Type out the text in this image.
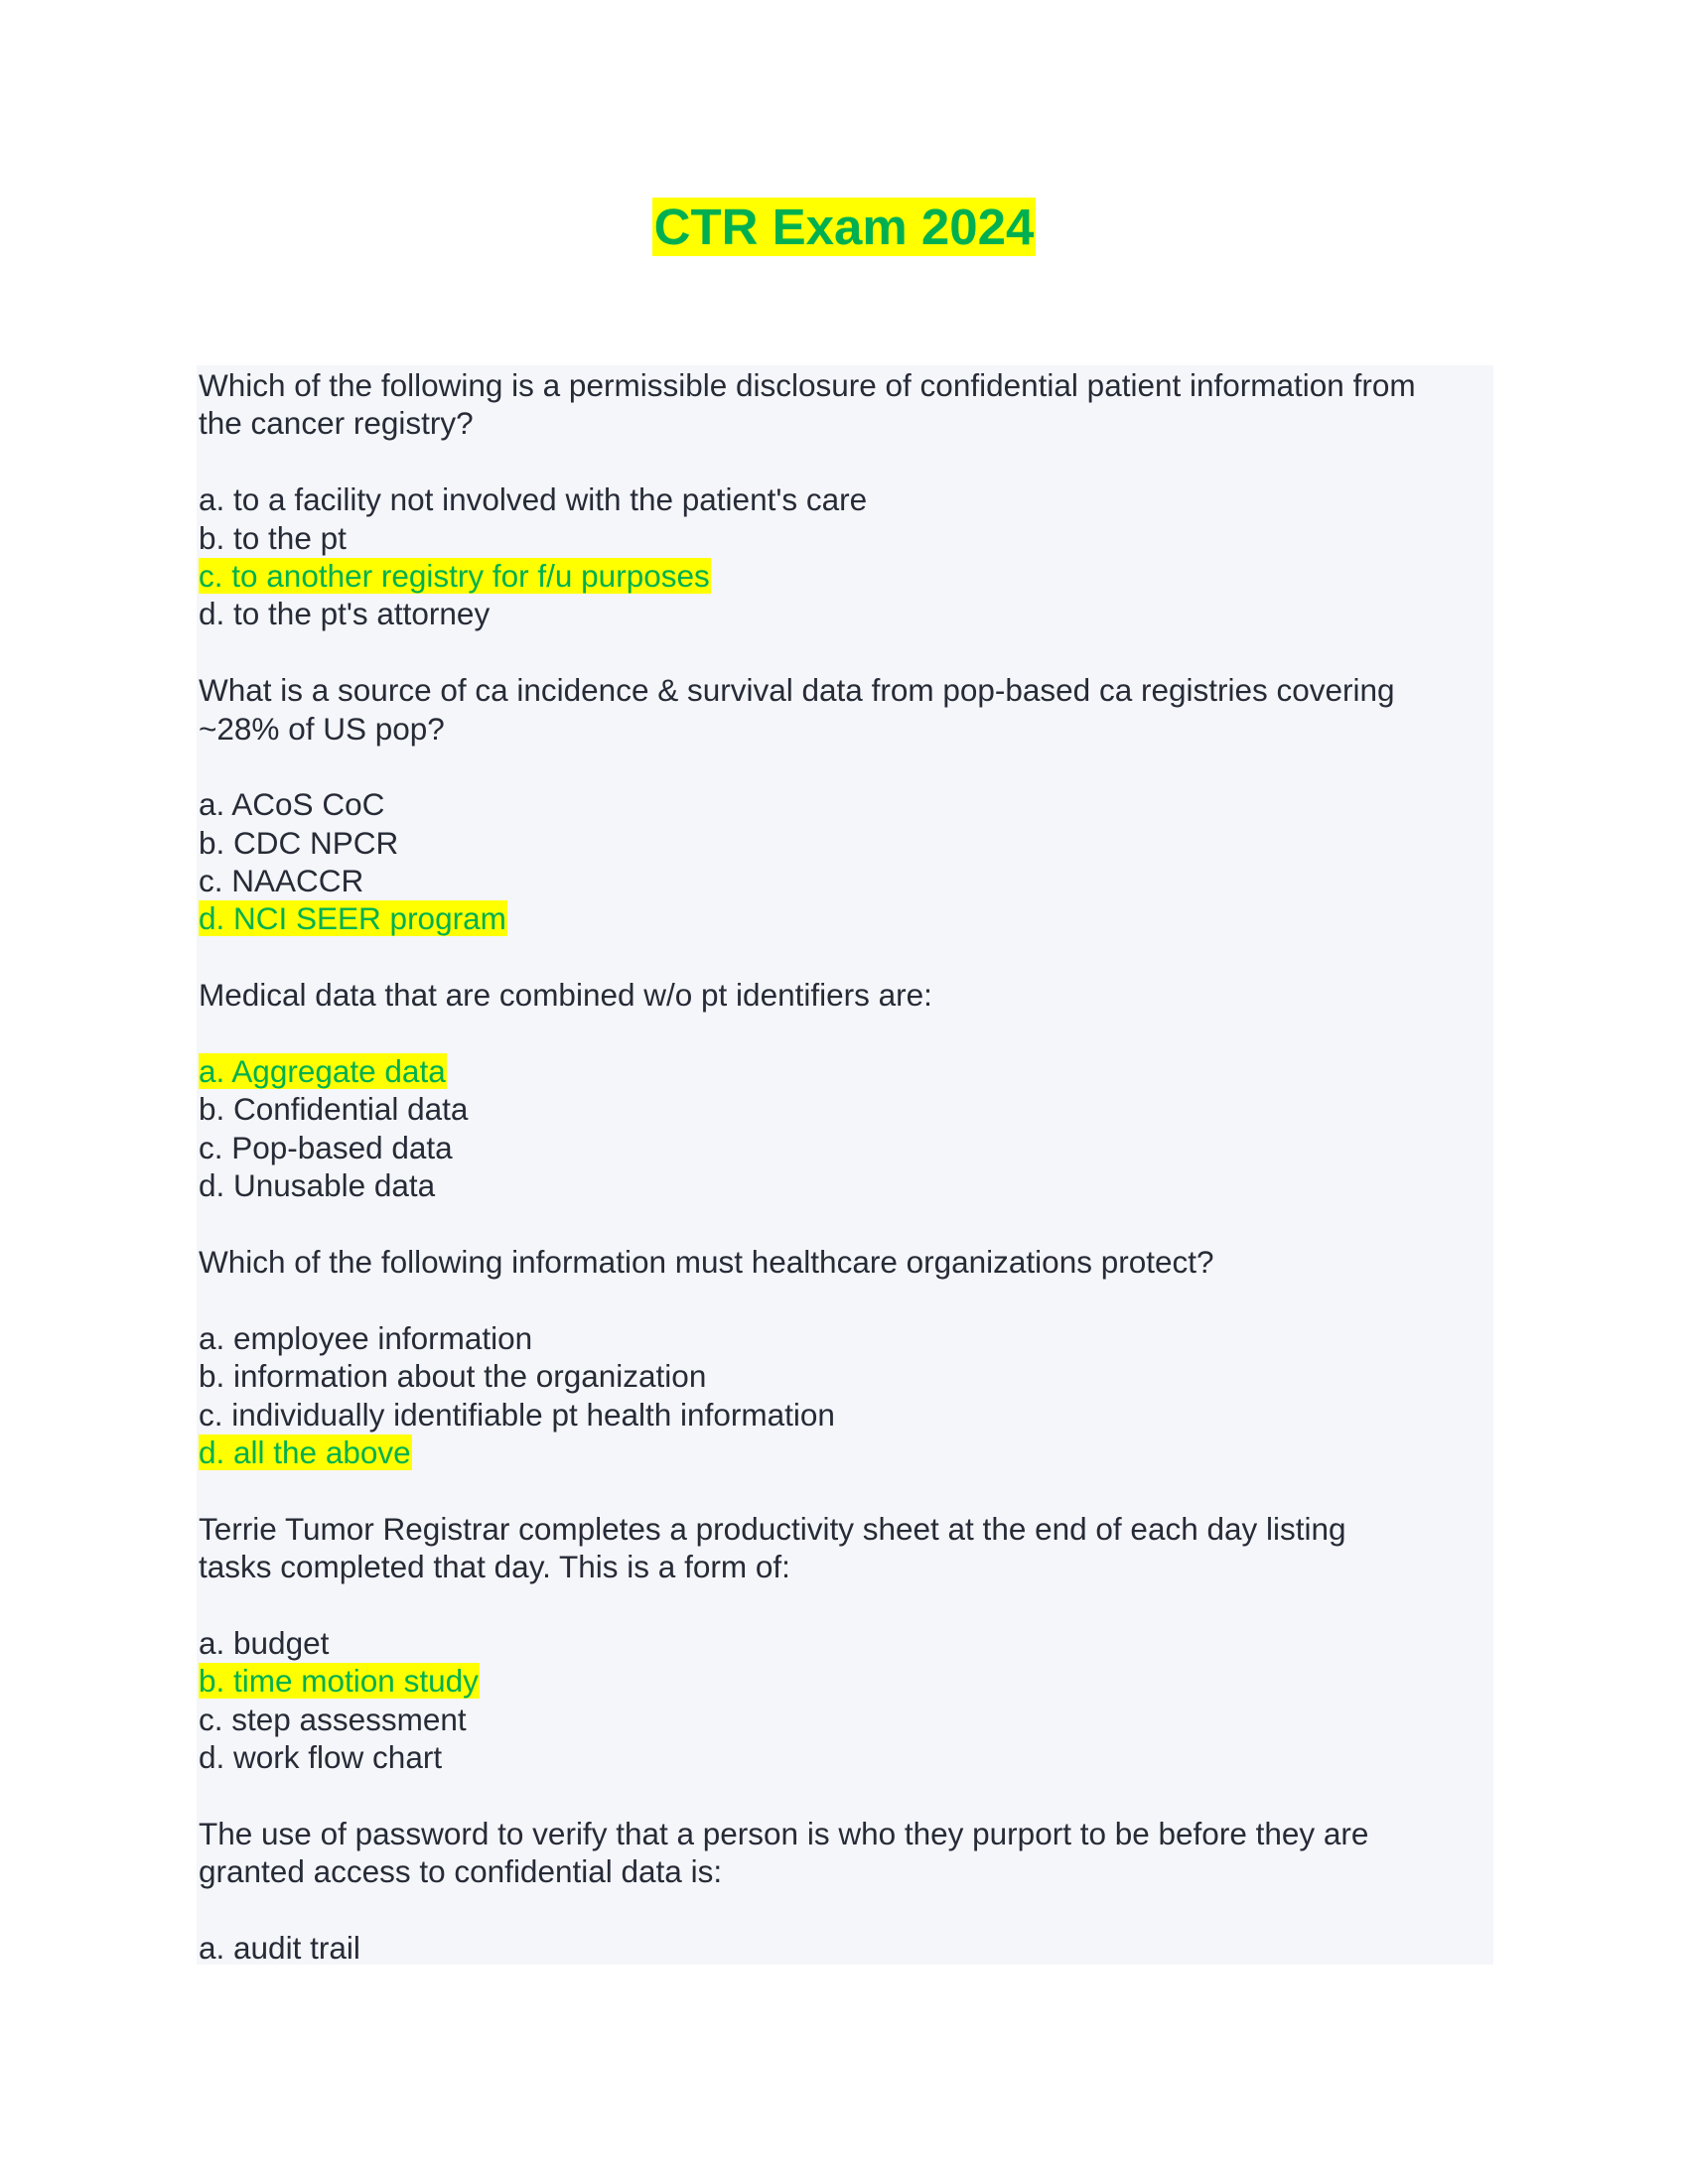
CTR Exam 2024
Which of the following is a permissible disclosure of confidential patient information from
the cancer registry?
a. to a facility not involved with the patient's care
b. to the pt
c. to another registry for f/u purposes
d. to the pt's attorney
What is a source of ca incidence & survival data from pop-based ca registries covering
~28% of US pop?
a. ACoS CoC
b. CDC NPCR
c. NAACCR
d. NCI SEER program
Medical data that are combined w/o pt identifiers are:
a. Aggregate data
b. Confidential data
c. Pop-based data
d. Unusable data
Which of the following information must healthcare organizations protect?
a. employee information
b. information about the organization
c. individually identifiable pt health information
d. all the above
Terrie Tumor Registrar completes a productivity sheet at the end of each day listing
tasks completed that day. This is a form of:
a. budget
b. time motion study
c. step assessment
d. work flow chart
The use of password to verify that a person is who they purport to be before they are
granted access to confidential data is:
a. audit trail
